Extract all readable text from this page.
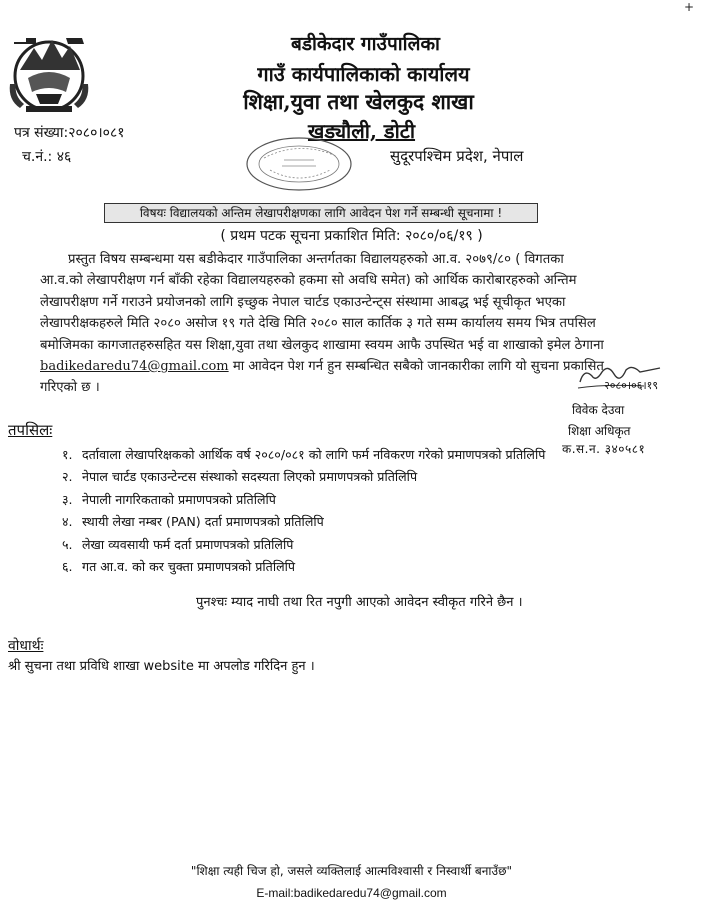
+
बडीकेदार गाउँपालिका
गाउँ कार्यपालिकाको कार्यालय
शिक्षा,युवा तथा खेलकुद शाखा
खड्यौली, डोटी
पत्र संख्या:२०८०।०८१
च.नं.: ४६	सुदूरपश्चिम प्रदेश, नेपाल
विषयः विद्यालयको अन्तिम लेखापरीक्षणका लागि आवेदन पेश गर्ने सम्बन्धी सूचनामा !
( प्रथम पटक सूचना प्रकाशित मिति: २०८०/०६/१९ )
प्रस्तुत विषय सम्बन्धमा यस बडीकेदार गाउँपालिका अन्तर्गतका विद्यालयहरुको आ.व. २०७९/८० ( विगतका
आ.व.को लेखापरीक्षण गर्न बाँकी रहेका विद्यालयहरुको हकमा सो अवधि समेत) को आर्थिक कारोबारहरुको अन्तिम
लेखापरीक्षण गर्ने गराउने प्रयोजनको लागि इच्छुक नेपाल चार्टड एकाउन्टेन्ट्स संस्थामा आबद्ध भई सूचीकृत भएका
लेखापरीक्षकहरुले मिति २०८० असोज १९ गते देखि मिति २०८० साल कार्तिक ३ गते सम्म कार्यालय समय भित्र तपसिल
बमोजिमका कागजातहरुसहित यस शिक्षा,युवा तथा खेलकुद शाखामा स्वयम आफै उपस्थित भई वा शाखाको इमेल ठेगाना
badikedaredu74@gmail.com मा आवेदन पेश गर्न हुन सम्बन्धित सबैको जानकारीका लागि यो सुचना प्रकासित
गरिएको छ ।	२०८०।०६।१९
विवेक देउवा
शिक्षा अधिकृत
क.स.न. ३४०५८१
तपसिलः
१. दर्तावाला लेखापरिक्षकको आर्थिक वर्ष २०८०/०८१ को लागि फर्म नविकरण गरेको प्रमाणपत्रको प्रतिलिपि
२. नेपाल चार्टड एकाउन्टेन्टस संस्थाको सदस्यता लिएको प्रमाणपत्रको प्रतिलिपि
३. नेपाली नागरिकताको प्रमाणपत्रको प्रतिलिपि
४. स्थायी लेखा नम्बर (PAN) दर्ता प्रमाणपत्रको प्रतिलिपि
५. लेखा व्यवसायी फर्म दर्ता प्रमाणपत्रको प्रतिलिपि
६. गत आ.व. को कर चुक्ता प्रमाणपत्रको प्रतिलिपि
पुनश्चः म्याद नाघी तथा रित नपुगी आएको आवेदन स्वीकृत गरिने छैन ।
वोधार्थः
श्री सुचना तथा प्रविधि शाखा website मा अपलोड गरिदिन हुन ।
"शिक्षा त्यही चिज हो, जसले व्यक्तिलाई आत्मविश्वासी र निस्वार्थी बनाउँछ"
E-mail:badikedaredu74@gmail.com
